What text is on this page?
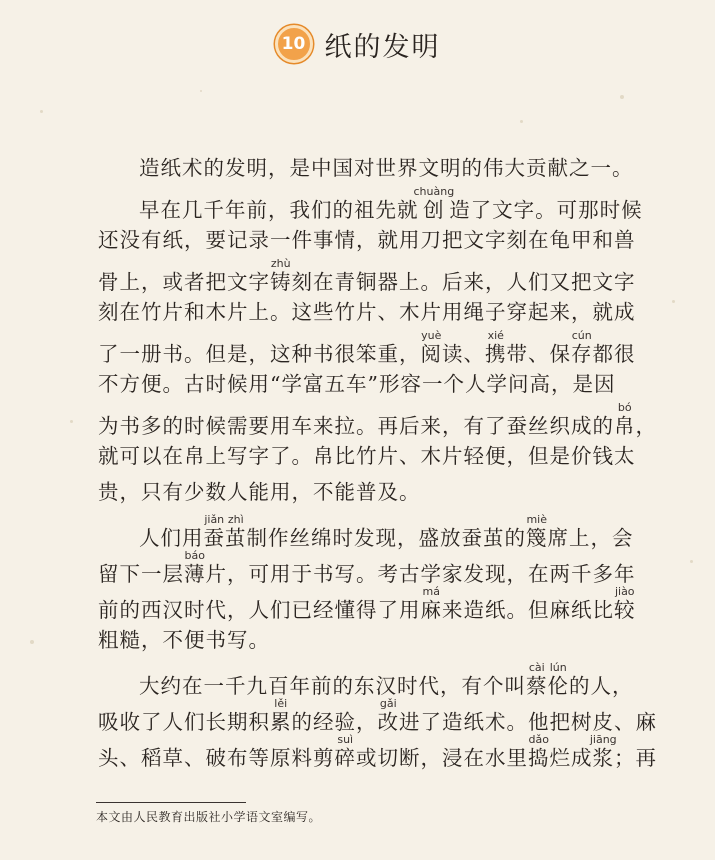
10 纸的发明
造纸术的发明，是中国对世界文明的伟大贡献之一。
早在几千年前，我们的祖先就创chuàng造了文字。可那时候
还没有纸，要记录一件事情，就用刀把文字刻在龟甲和兽
骨上，或者把文字铸zhù刻在青铜器上。后来，人们又把文字
刻在竹片和木片上。这些竹片、木片用绳子穿起来，就成
了一册书。但是，这种书很笨重，阅yuè读、携xié带、保存cún都很
不方便。古时候用“学富五车”形容一个人学问高，是因
为书多的时候需要用车来拉。再后来，有了蚕丝织成的帛bó，
就可以在帛上写字了。帛比竹片、木片轻便，但是价钱太
贵，只有少数人能用，不能普及。
人们用蚕jiǎn茧zhì制作丝绵时发现，盛放蚕茧的篾miè席上，会
留下一层薄báo片，可用于书写。考古学家发现，在两千多年
前的西汉时代，人们已经懂得了用麻má来造纸。但麻纸比较jiào
粗糙，不便书写。
大约在一千九百年前的东汉时代，有个叫蔡cài伦lún的人，
吸收了人们长期积累lěi的经验，改gǎi进了造纸术。他把树皮、麻
头、稻草、破布等原料剪碎suì或切断，浸在水里捣dǎo烂成浆jiāng；再
本文由人民教育出版社小学语文室编写。
